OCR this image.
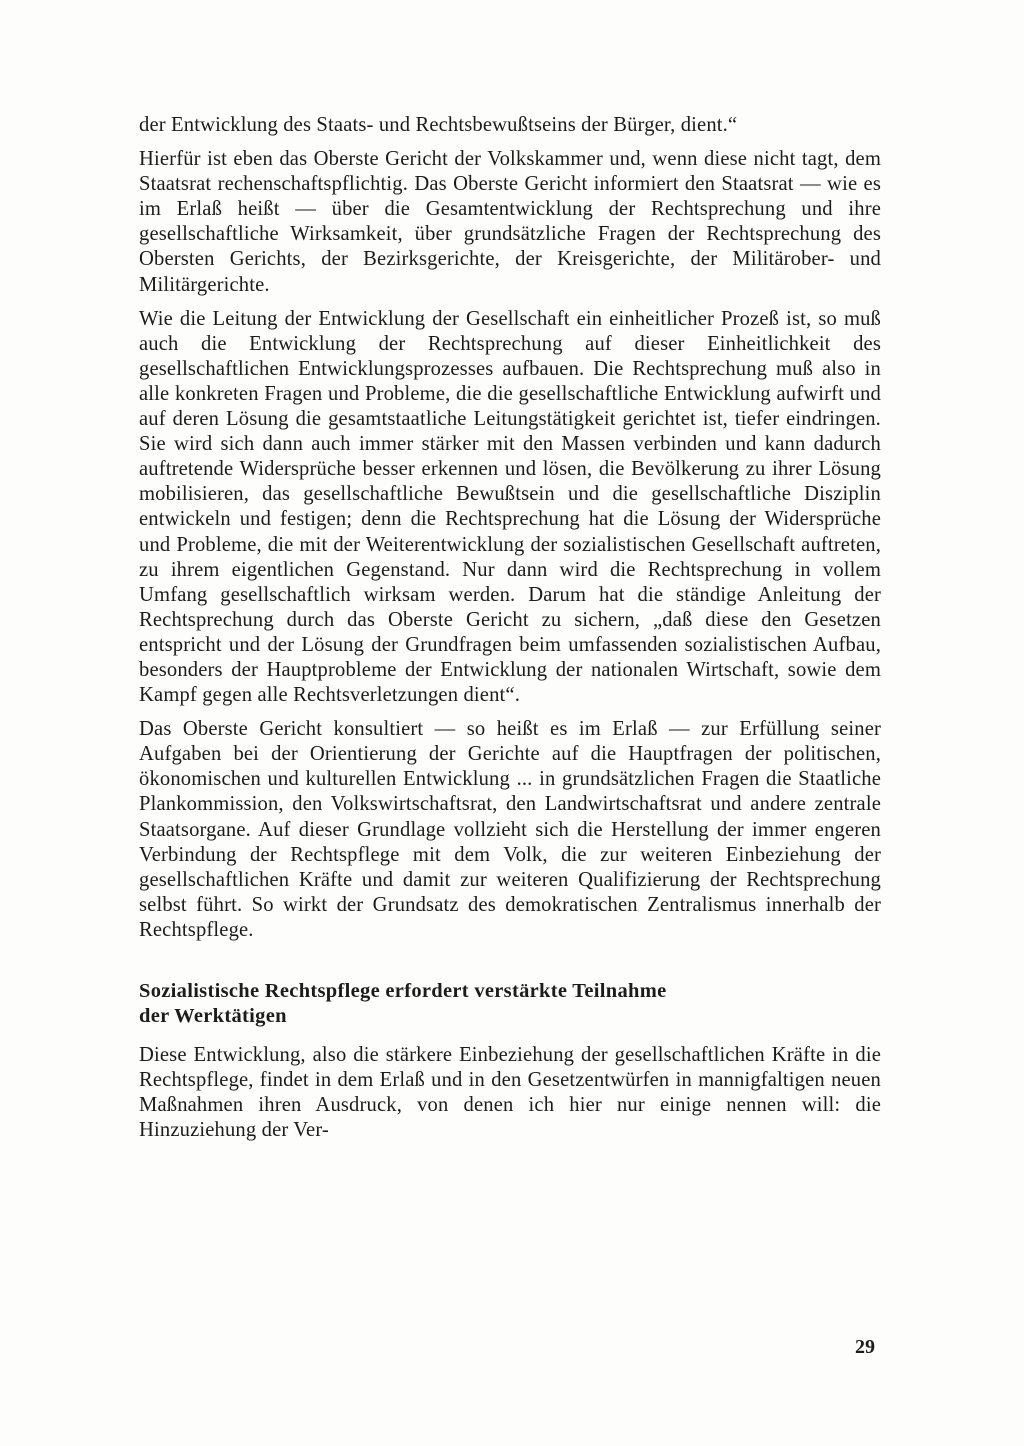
der Entwicklung des Staats- und Rechtsbewußtseins der Bürger, dient.“

Hierfür ist eben das Oberste Gericht der Volkskammer und, wenn diese nicht tagt, dem Staatsrat rechenschaftspflichtig. Das Oberste Gericht informiert den Staatsrat — wie es im Erlaß heißt — über die Gesamtentwicklung der Rechtsprechung und ihre gesellschaftliche Wirksamkeit, über grundsätzliche Fragen der Rechtsprechung des Obersten Gerichts, der Bezirksgerichte, der Kreisgerichte, der Militärober- und Militärgerichte.

Wie die Leitung der Entwicklung der Gesellschaft ein einheitlicher Prozeß ist, so muß auch die Entwicklung der Rechtsprechung auf dieser Einheitlichkeit des gesellschaftlichen Entwicklungsprozesses aufbauen. Die Rechtsprechung muß also in alle konkreten Fragen und Probleme, die die gesellschaftliche Entwicklung aufwirft und auf deren Lösung die gesamtstaatliche Leitungstätigkeit gerichtet ist, tiefer eindringen. Sie wird sich dann auch immer stärker mit den Massen verbinden und kann dadurch auftretende Widersprüche besser erkennen und lösen, die Bevölkerung zu ihrer Lösung mobilisieren, das gesellschaftliche Bewußtsein und die gesellschaftliche Disziplin entwickeln und festigen; denn die Rechtsprechung hat die Lösung der Widersprüche und Probleme, die mit der Weiterentwicklung der sozialistischen Gesellschaft auftreten, zu ihrem eigentlichen Gegenstand. Nur dann wird die Rechtsprechung in vollem Umfang gesellschaftlich wirksam werden. Darum hat die ständige Anleitung der Rechtsprechung durch das Oberste Gericht zu sichern, „daß diese den Gesetzen entspricht und der Lösung der Grundfragen beim umfassenden sozialistischen Aufbau, besonders der Hauptprobleme der Entwicklung der nationalen Wirtschaft, sowie dem Kampf gegen alle Rechtsverletzungen dient“.

Das Oberste Gericht konsultiert — so heißt es im Erlaß — zur Erfüllung seiner Aufgaben bei der Orientierung der Gerichte auf die Hauptfragen der politischen, ökonomischen und kulturellen Entwicklung ... in grundsätzlichen Fragen die Staatliche Plankommission, den Volkswirtschaftsrat, den Landwirtschaftsrat und andere zentrale Staatsorgane. Auf dieser Grundlage vollzieht sich die Herstellung der immer engeren Verbindung der Rechtspflege mit dem Volk, die zur weiteren Einbeziehung der gesellschaftlichen Kräfte und damit zur weiteren Qualifizierung der Rechtsprechung selbst führt. So wirkt der Grundsatz des demokratischen Zentralismus innerhalb der Rechtspflege.

Sozialistische Rechtspflege erfordert verstärkte Teilnahme
der Werktätigen

Diese Entwicklung, also die stärkere Einbeziehung der gesellschaftlichen Kräfte in die Rechtspflege, findet in dem Erlaß und in den Gesetzentwürfen in mannigfaltigen neuen Maßnahmen ihren Ausdruck, von denen ich hier nur einige nennen will: die Hinzuziehung der Ver-

29
